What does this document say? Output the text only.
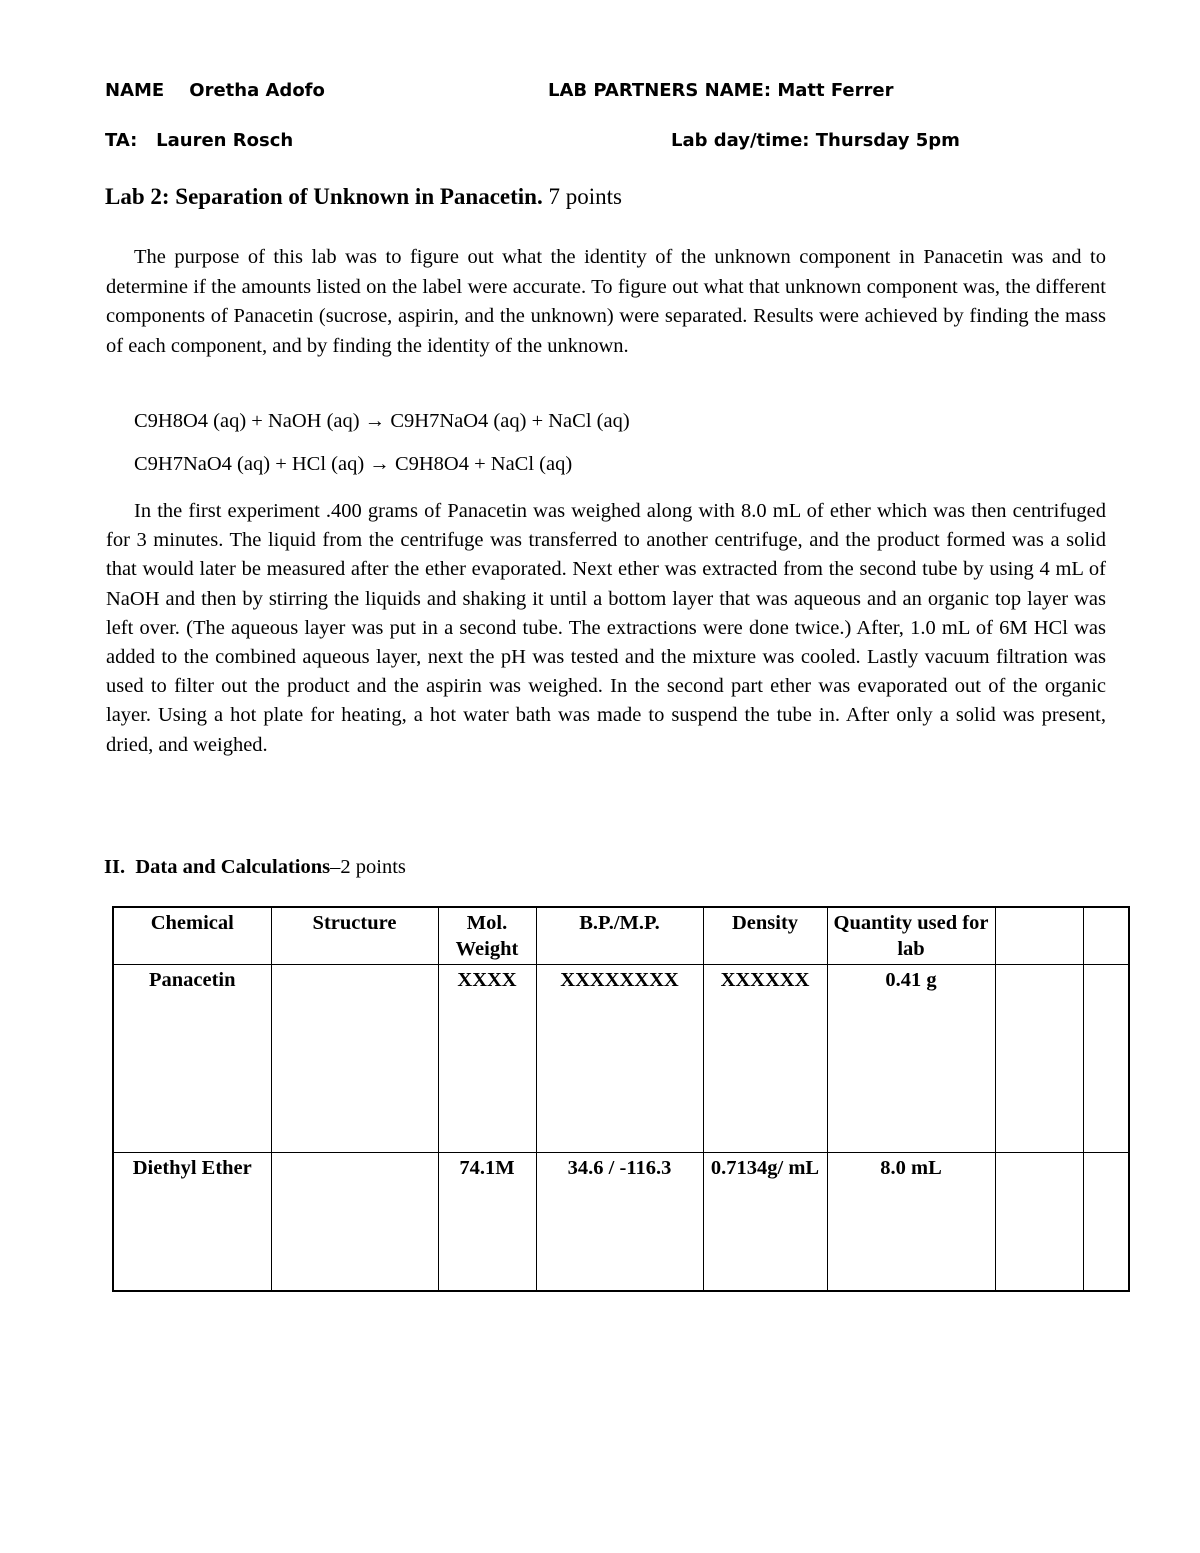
NAME Oretha Adofo	LAB PARTNERS NAME: Matt Ferrer
TA: Lauren Rosch	Lab day/time: Thursday 5pm
Lab 2: Separation of Unknown in Panacetin. 7 points

The purpose of this lab was to figure out what the identity of the unknown component in Panacetin was and to determine if the amounts listed on the label were accurate. To figure out what that unknown component was, the different components of Panacetin (sucrose, aspirin, and the unknown) were separated. Results were achieved by finding the mass of each component, and by finding the identity of the unknown.

C9H8O4 (aq) + NaOH (aq) → C9H7NaO4 (aq) + NaCl (aq)
C9H7NaO4 (aq) + HCl (aq) → C9H8O4 + NaCl (aq)

In the first experiment .400 grams of Panacetin was weighed along with 8.0 mL of ether which was then centrifuged for 3 minutes. The liquid from the centrifuge was transferred to another centrifuge, and the product formed was a solid that would later be measured after the ether evaporated. Next ether was extracted from the second tube by using 4 mL of NaOH and then by stirring the liquids and shaking it until a bottom layer that was aqueous and an organic top layer was left over. (The aqueous layer was put in a second tube. The extractions were done twice.) After, 1.0 mL of 6M HCl was added to the combined aqueous layer, next the pH was tested and the mixture was cooled. Lastly vacuum filtration was used to filter out the product and the aspirin was weighed. In the second part ether was evaporated out of the organic layer. Using a hot plate for heating, a hot water bath was made to suspend the tube in. After only a solid was present, dried, and weighed.

II. Data and Calculations–2 points
Chemical	Structure	Mol. Weight	B.P./M.P.	Density	Quantity used for lab		
Panacetin		XXXX	XXXXXXXX	XXXXXX	0.41 g		
Diethyl Ether		74.1M	34.6 / -116.3	0.7134g/ mL	8.0 mL		
